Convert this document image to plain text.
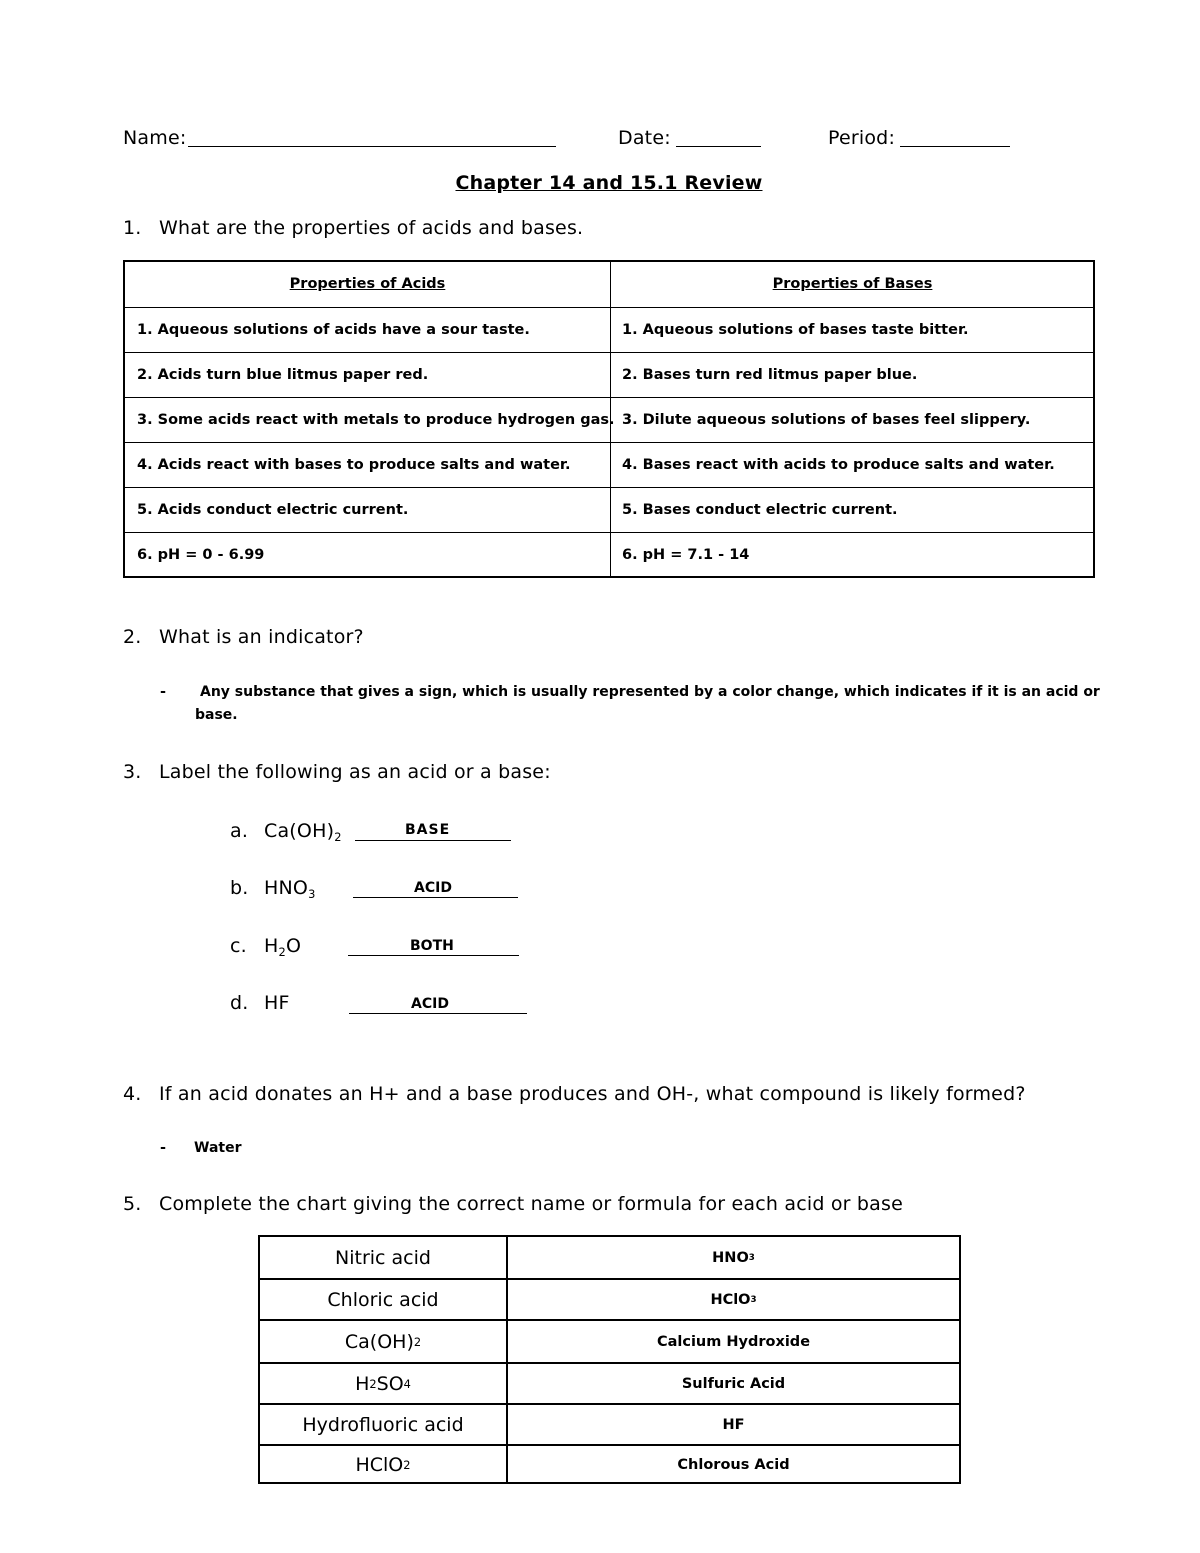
Name:	Date:	Period:
Chapter 14 and 15.1 Review
1. What are the properties of acids and bases.
Properties of Acids	Properties of Bases
1. Aqueous solutions of acids have a sour taste.	1. Aqueous solutions of bases taste bitter.
2. Acids turn blue litmus paper red.	2. Bases turn red litmus paper blue.
3. Some acids react with metals to produce hydrogen gas. 3. Dilute aqueous solutions of bases feel slippery.
4. Acids react with bases to produce salts and water.	4. Bases react with acids to produce salts and water.
5. Acids conduct electric current.	5. Bases conduct electric current.
6. pH = 0 - 6.99	6. pH = 7.1 - 14
2. What is an indicator?
- Any substance that gives a sign, which is usually represented by a color change, which indicates if it is an acid or
base.
3. Label the following as an acid or a base:
a. $Ca(OH)_2$	BASE
b. $HNO_3$	ACID
c. $H_2O$	BOTH
d. HF	ACID
4. If an acid donates an H+ and a base produces and OH-, what compound is likely formed?
- Water
5. Complete the chart giving the correct name or formula for each acid or base
Nitric acid	HNO 3
Chloric acid	HClO 3
Ca(OH) 2	Calcium Hydroxide
H 2 SO 4	Sulfuric Acid
Hydrofluoric acid	HF
HClO 2	Chlorous Acid
